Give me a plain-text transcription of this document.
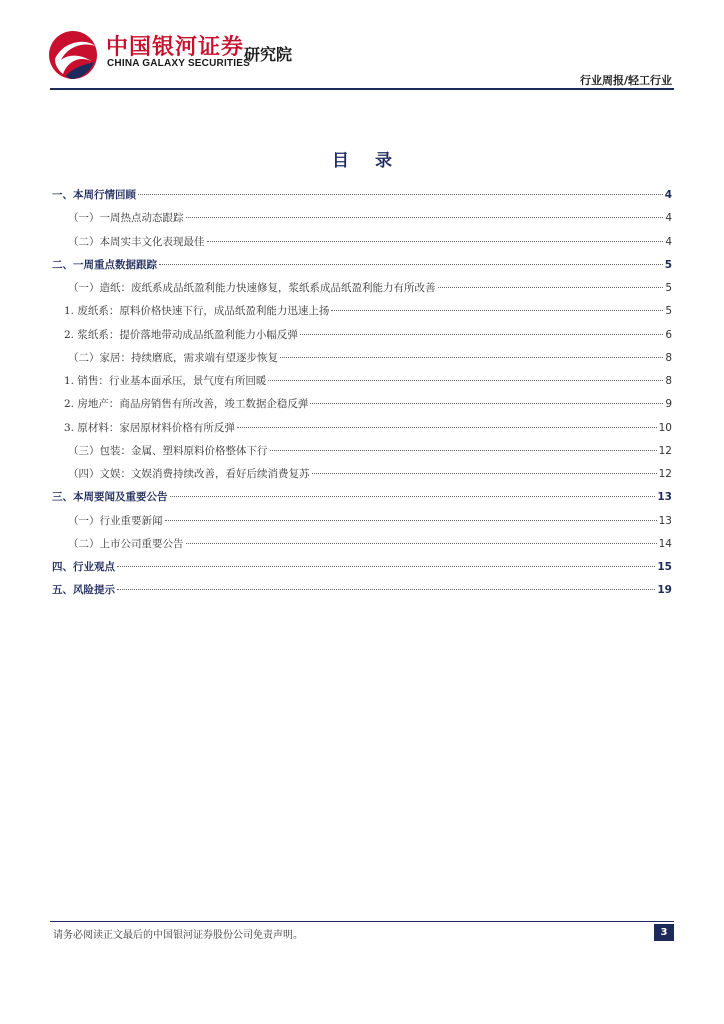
中国银河证券
CHINA GALAXY SECURITIES
研究院
行业周报/轻工行业
目 录
一、本周行情回顾	4
（一）一周热点动态跟踪	4
（二）本周实丰文化表现最佳	4
二、一周重点数据跟踪	5
（一）造纸：废纸系成品纸盈利能力快速修复，浆纸系成品纸盈利能力有所改善	5
1. 废纸系：原料价格快速下行，成品纸盈利能力迅速上扬	5
2. 浆纸系：提价落地带动成品纸盈利能力小幅反弹	6
（二）家居：持续磨底，需求端有望逐步恢复	8
1. 销售：行业基本面承压，景气度有所回暖	8
2. 房地产：商品房销售有所改善，竣工数据企稳反弹	9
3. 原材料：家居原材料价格有所反弹	10
（三）包装：金属、塑料原料价格整体下行	12
（四）文娱：文娱消费持续改善，看好后续消费复苏	12
三、本周要闻及重要公告	13
（一）行业重要新闻	13
（二）上市公司重要公告	14
四、行业观点	15
五、风险提示	19
请务必阅读正文最后的中国银河证券股份公司免责声明。	3
